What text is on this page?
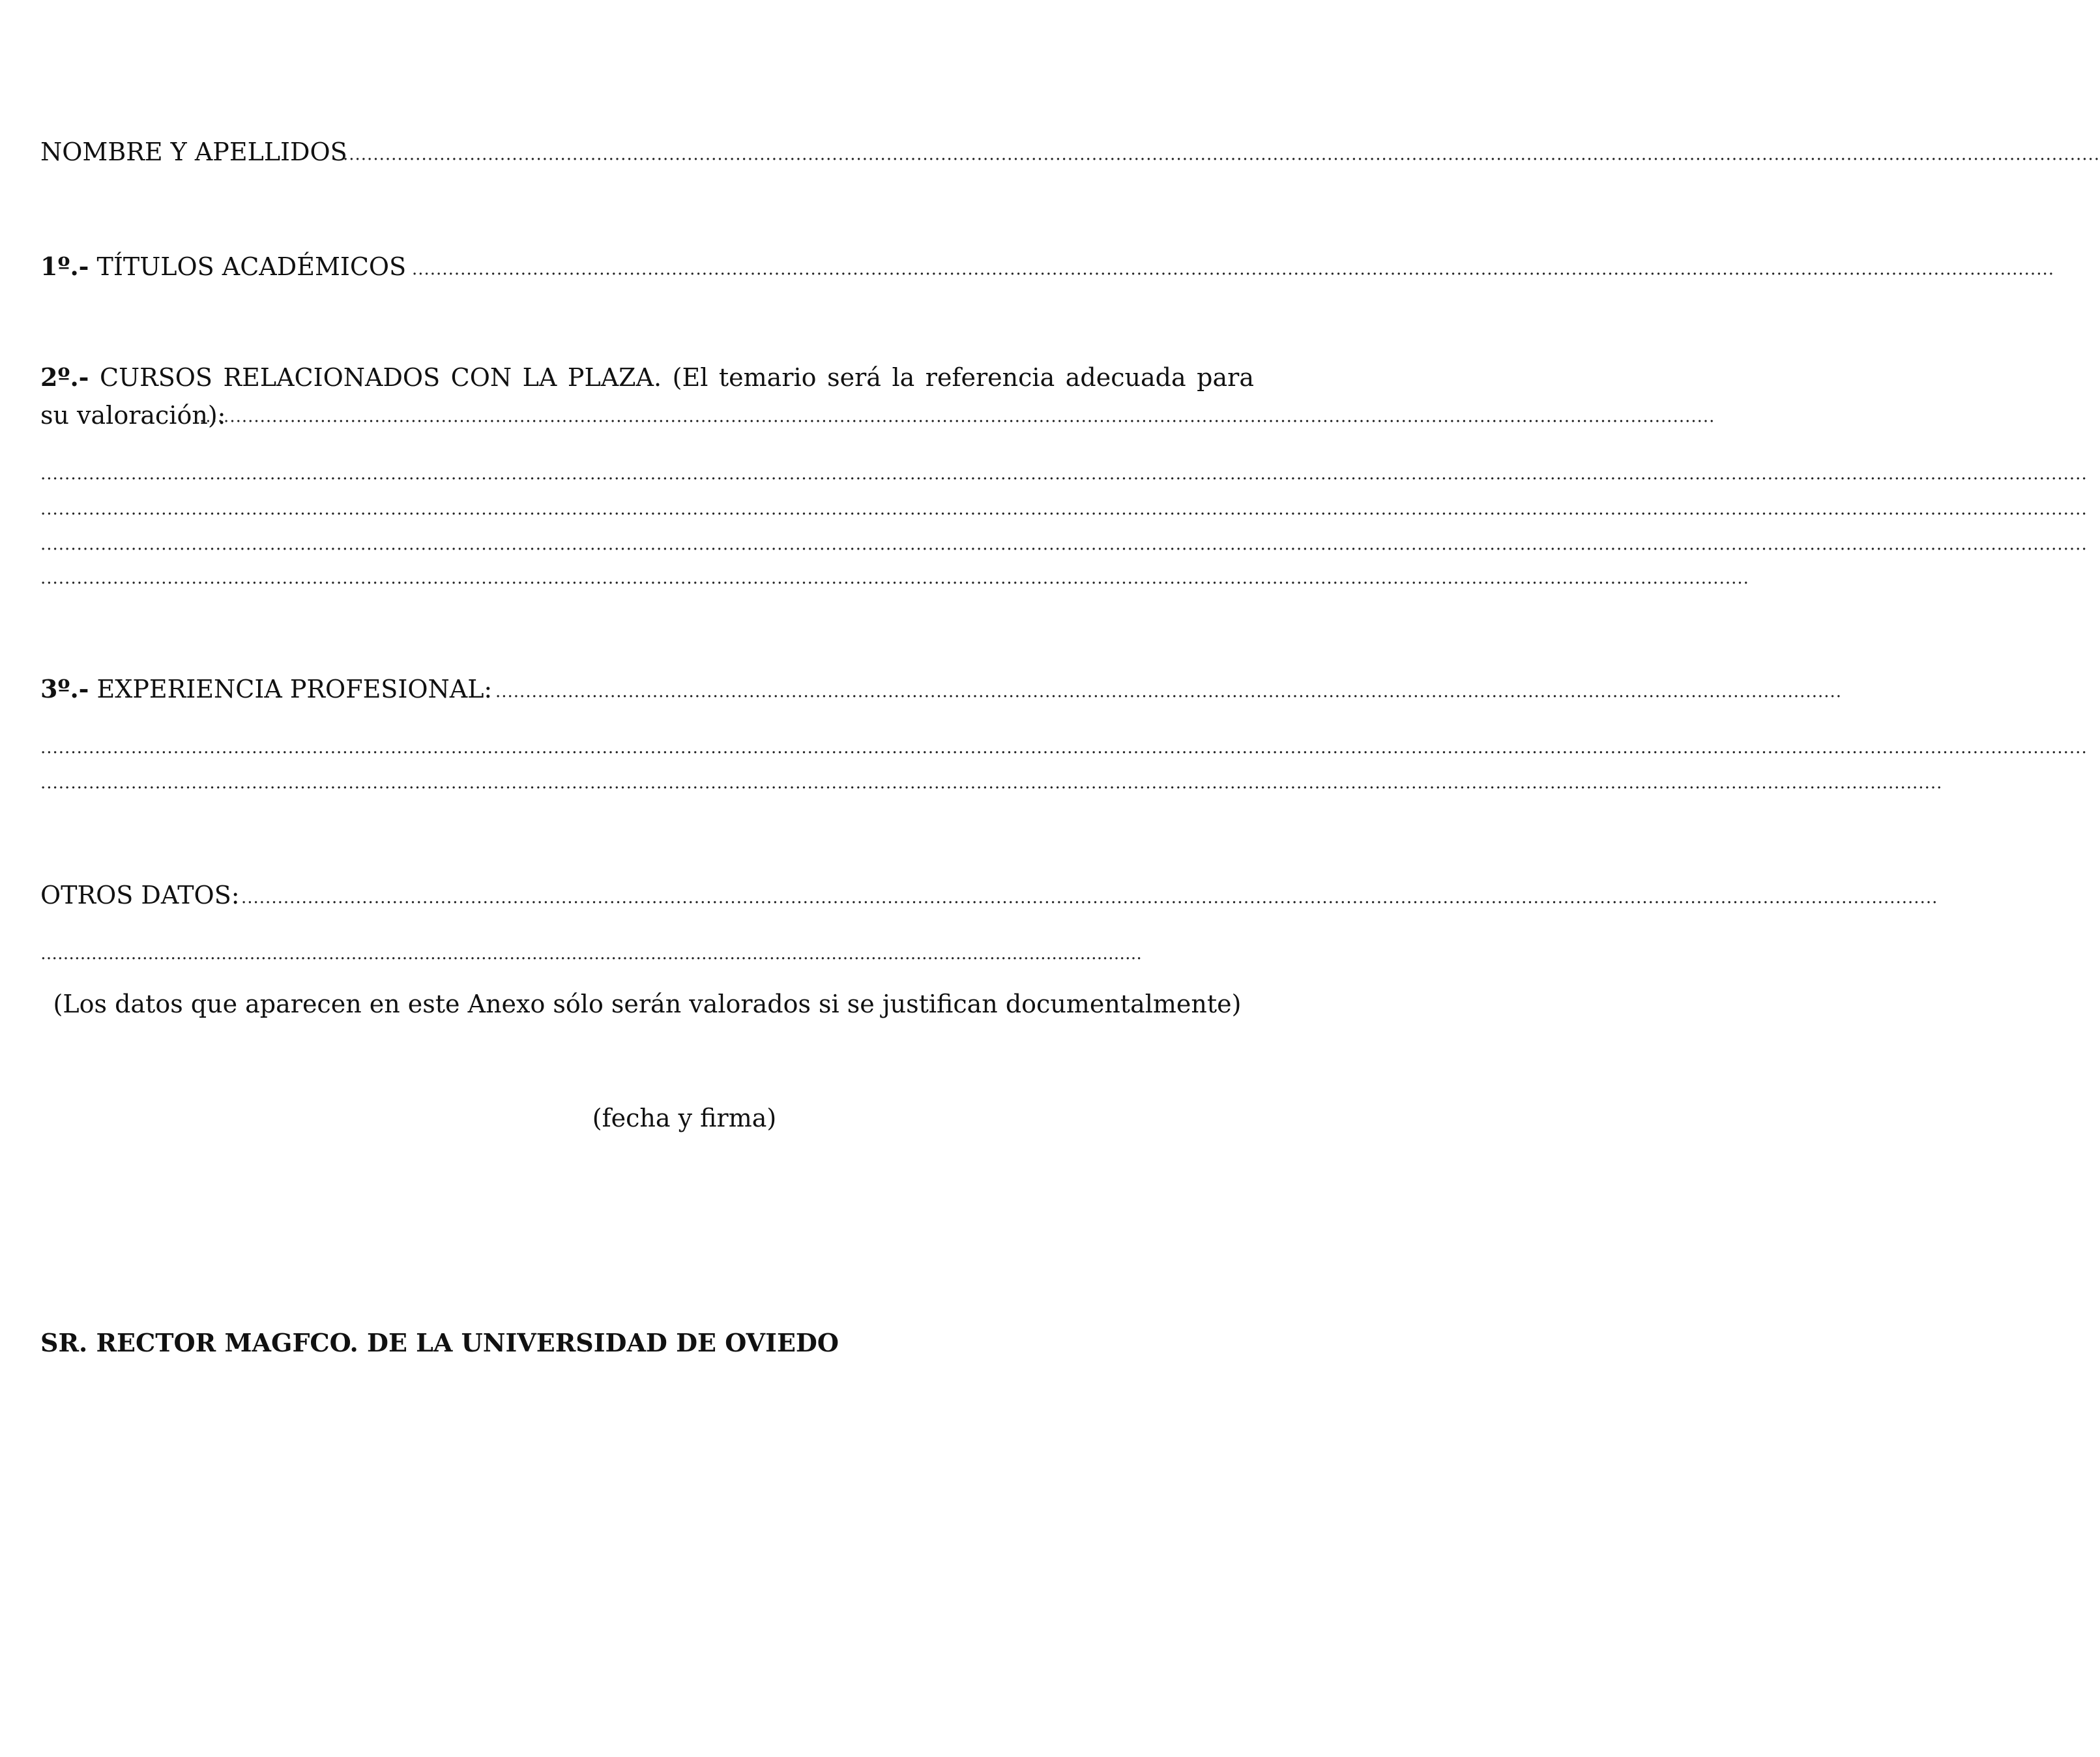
NOMBRE Y APELLIDOS
...................................................................................................................................................................................................................................................................................................
1º.- TÍTULOS ACADÉMICOS ................................................................................................................................................................................................................................................................................
2º.- CURSOS RELACIONADOS CON LA PLAZA. (El temario será la referencia adecuada para su valoración):
...........................................................................................................................................................................................................................................................
...................................................................................................................................................................................................................................................................................................................................................
...................................................................................................................................................................................................................................................................................................................................................
...................................................................................................................................................................................................................................................................................................................................................
...........................................................................................................................................................................................................................................................................................
3º.- EXPERIENCIA PROFESIONAL: ...............................................................................................................................................................................................................................
...................................................................................................................................................................................................................................................................................................................................................
...........................................................................................................................................................................................................................................................................................................................
OTROS DATOS: .........................................................................................................................................................................................................................................................................................
……………………………………………………………………………………………………………………………………………………………………………
(Los datos que aparecen en este Anexo sólo serán valorados si se justifican documentalmente)
(fecha y firma)
SR. RECTOR MAGFCO. DE LA UNIVERSIDAD DE OVIEDO
